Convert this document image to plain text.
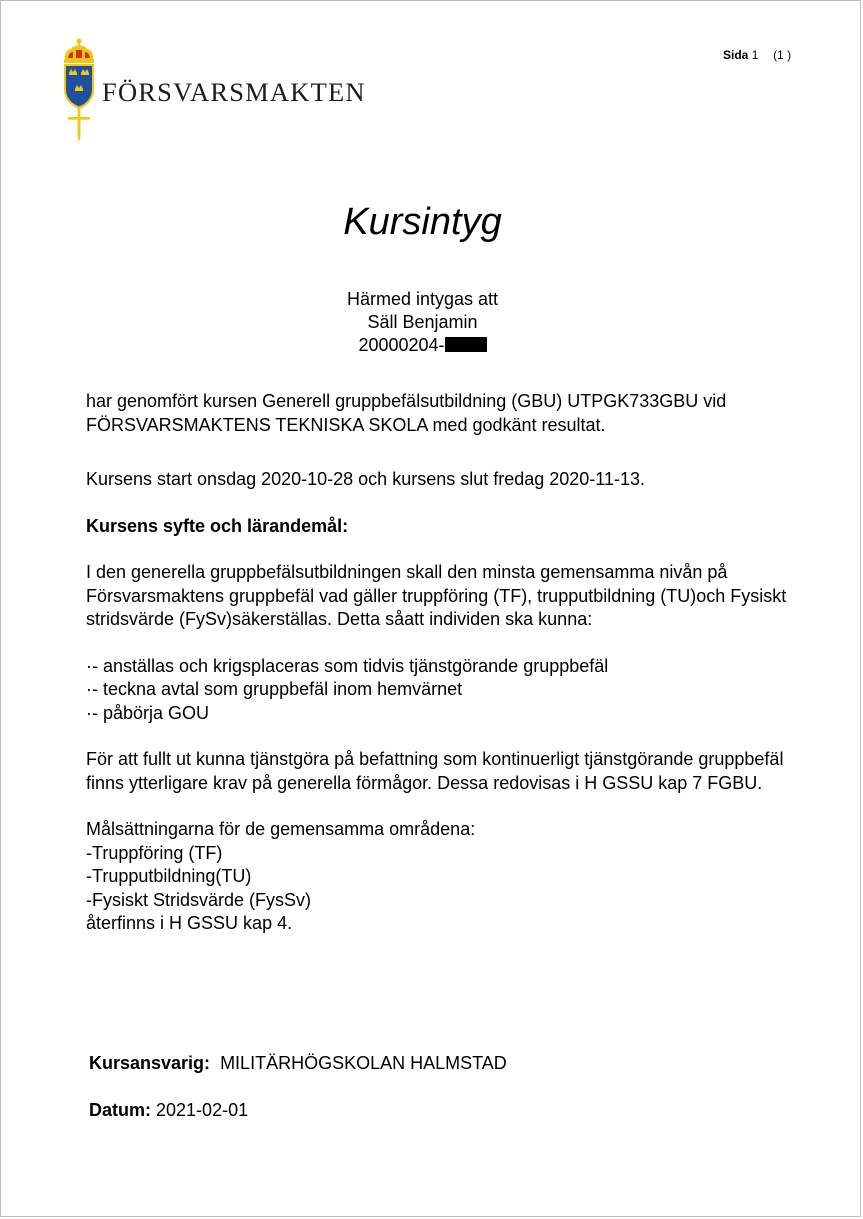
FÖRSVARSMAKTEN
Sida 1 (1 )
Kursintyg
Härmed intygas att
Säll Benjamin
20000204-

har genomfört kursen Generell gruppbefälsutbildning (GBU) UTPGK733GBU vid FÖRSVARSMAKTENS TEKNISKA SKOLA med godkänt resultat.

Kursens start onsdag 2020-10-28 och kursens slut fredag 2020-11-13.

Kursens syfte och lärandemål:

I den generella gruppbefälsutbildningen skall den minsta gemensamma nivån på Försvarsmaktens gruppbefäl vad gäller truppföring (TF), trupputbildning (TU)och Fysiskt stridsvärde (FySv)säkerställas. Detta såatt individen ska kunna:

·- anställas och krigsplaceras som tidvis tjänstgörande gruppbefäl
·- teckna avtal som gruppbefäl inom hemvärnet
·- påbörja GOU

För att fullt ut kunna tjänstgöra på befattning som kontinuerligt tjänstgörande gruppbefäl finns ytterligare krav på generella förmågor. Dessa redovisas i H GSSU kap 7 FGBU.

Målsättningarna för de gemensamma områdena:
-Truppföring (TF)
-Trupputbildning(TU)
-Fysiskt Stridsvärde (FysSv)
återfinns i H GSSU kap 4.
Kursansvarig: MILITÄRHÖGSKOLAN HALMSTAD
Datum: 2021-02-01
